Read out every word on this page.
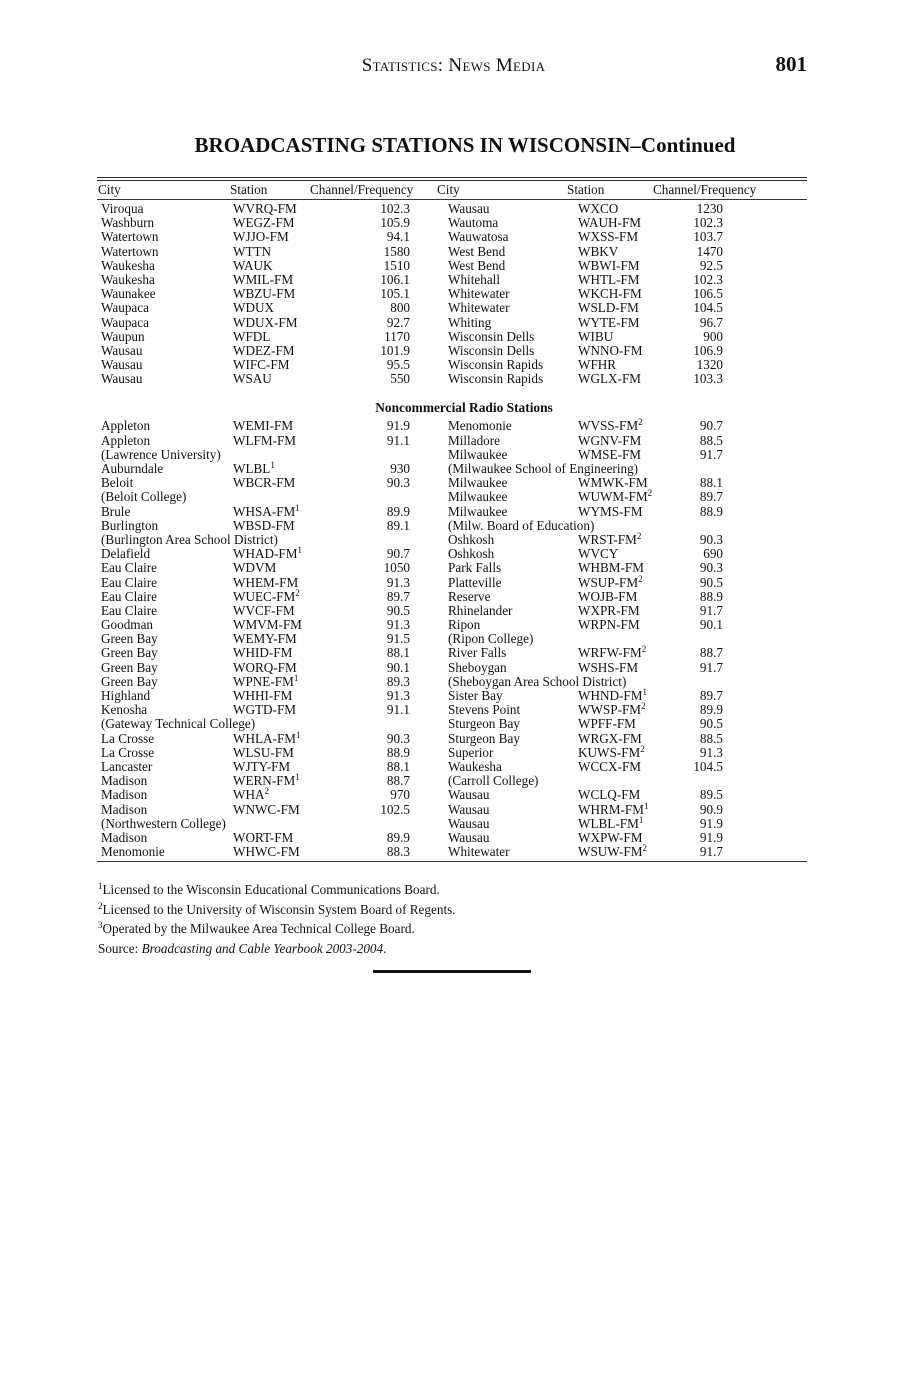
Statistics: News Media	801
BROADCASTING STATIONS IN WISCONSIN–Continued
City	Station	Channel/Frequency	City	Station	Channel/Frequency
Viroqua	WVRQ-FM	102.3	Wausau	WXCO	1230
Washburn	WEGZ-FM	105.9	Wautoma	WAUH-FM	102.3
Watertown	WJJO-FM	94.1	Wauwatosa	WXSS-FM	103.7
Watertown	WTTN	1580	West Bend	WBKV	1470
Waukesha	WAUK	1510	West Bend	WBWI-FM	92.5
Waukesha	WMIL-FM	106.1	Whitehall	WHTL-FM	102.3
Waunakee	WBZU-FM	105.1	Whitewater	WKCH-FM	106.5
Waupaca	WDUX	800	Whitewater	WSLD-FM	104.5
Waupaca	WDUX-FM	92.7	Whiting	WYTE-FM	96.7
Waupun	WFDL	1170	Wisconsin Dells	WIBU	900
Wausau	WDEZ-FM	101.9	Wisconsin Dells	WNNO-FM	106.9
Wausau	WIFC-FM	95.5	Wisconsin Rapids	WFHR	1320
Wausau	WSAU	550	Wisconsin Rapids	WGLX-FM	103.3
Noncommercial Radio Stations
Appleton	WEMI-FM	91.9	Menomonie	WVSS-$FM^2$	90.7
Appleton	WLFM-FM	91.1	Milladore	WGNV-FM	88.5
(Lawrence University)	Milwaukee	WMSE-FM	91.7
Auburndale	WLBL$^1$	930	(Milwaukee School of Engineering)
Beloit	WBCR-FM	90.3	Milwaukee	WMWK-FM	88.1
(Beloit College)	Milwaukee	WUWM-$FM^2$	89.7
Brule	WHSA-$FM^1$	89.9	Milwaukee	WYMS-FM	88.9
Burlington	WBSD-FM	89.1	(Milw. Board of Education)
(Burlington Area School District)	Oshkosh	WRST-$FM^2$	90.3
Delafield	WHAD-$FM^1$	90.7	Oshkosh	WVCY	690
Eau Claire	WDVM	1050	Park Falls	WHBM-FM	90.3
Eau Claire	WHEM-FM	91.3	Platteville	WSUP-$FM^2$	90.5
Eau Claire	WUEC-$FM^2$	89.7	Reserve	WOJB-FM	88.9
Eau Claire	WVCF-FM	90.5	Rhinelander	WXPR-FM	91.7
Goodman	WMVM-FM	91.3	Ripon	WRPN-FM	90.1
Green Bay	WEMY-FM	91.5	(Ripon College)
Green Bay	WHID-FM	88.1	River Falls	WRFW-$FM^2$	88.7
Green Bay	WORQ-FM	90.1	Sheboygan	WSHS-FM	91.7
Green Bay	WPNE-$FM^1$	89.3	(Sheboygan Area School District)
Highland	WHHI-FM	91.3	Sister Bay	WHND-$FM^1$	89.7
Kenosha	WGTD-FM	91.1	Stevens Point	WWSP-$FM^2$	89.9
(Gateway Technical College)	Sturgeon Bay	WPFF-FM	90.5
La Crosse	WHLA-$FM^1$	90.3	Sturgeon Bay	WRGX-FM	88.5
La Crosse	WLSU-FM	88.9	Superior	KUWS-$FM^2$	91.3
Lancaster	WJTY-FM	88.1	Waukesha	WCCX-FM	104.5
Madison	WERN-$FM^1$	88.7	(Carroll College)
Madison	WHA$^2$	970	Wausau	WCLQ-FM	89.5
Madison	WNWC-FM	102.5	Wausau	WHRM-$FM^1$	90.9
(Northwestern College)	Wausau	WLBL-$FM^1$	91.9
Madison	WORT-FM	89.9	Wausau	WXPW-FM	91.9
Menomonie	WHWC-FM	88.3	Whitewater	WSUW-$FM^2$	91.7
$^1$Licensed to the Wisconsin Educational Communications Board.
$^2$Licensed to the University of Wisconsin System Board of Regents.
$^3$Operated by the Milwaukee Area Technical College Board.
Source: Broadcasting and Cable Yearbook 2003-2004.
